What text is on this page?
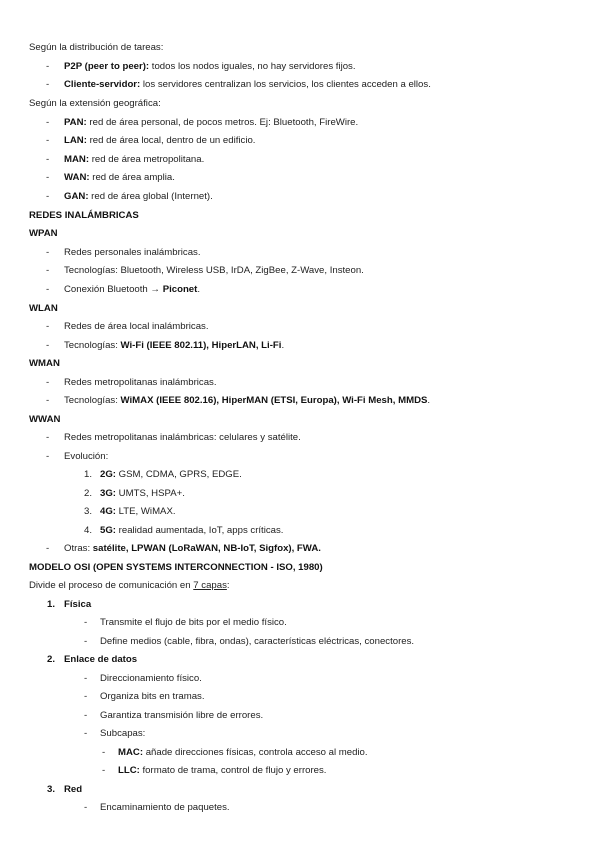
Según la distribución de tareas:
- P2P (peer to peer): todos los nodos iguales, no hay servidores fijos.
- Cliente-servidor: los servidores centralizan los servicios, los clientes acceden a ellos.
Según la extensión geográfica:
- PAN: red de área personal, de pocos metros. Ej: Bluetooth, FireWire.
- LAN: red de área local, dentro de un edificio.
- MAN: red de área metropolitana.
- WAN: red de área amplia.
- GAN: red de área global (Internet).
REDES INALÁMBRICAS
WPAN
- Redes personales inalámbricas.
- Tecnologías: Bluetooth, Wireless USB, IrDA, ZigBee, Z-Wave, Insteon.
- Conexión Bluetooth → Piconet.
WLAN
- Redes de área local inalámbricas.
- Tecnologías: Wi-Fi (IEEE 802.11), HiperLAN, Li-Fi.
WMAN
- Redes metropolitanas inalámbricas.
- Tecnologías: WiMAX (IEEE 802.16), HiperMAN (ETSI, Europa), Wi-Fi Mesh, MMDS.
WWAN
- Redes metropolitanas inalámbricas: celulares y satélite.
- Evolución:
1. 2G: GSM, CDMA, GPRS, EDGE.
2. 3G: UMTS, HSPA+.
3. 4G: LTE, WiMAX.
4. 5G: realidad aumentada, IoT, apps críticas.
- Otras: satélite, LPWAN (LoRaWAN, NB-IoT, Sigfox), FWA.
MODELO OSI (OPEN SYSTEMS INTERCONNECTION - ISO, 1980)
Divide el proceso de comunicación en 7 capas:
1. Física
- Transmite el flujo de bits por el medio físico.
- Define medios (cable, fibra, ondas), características eléctricas, conectores.
2. Enlace de datos
- Direccionamiento físico.
- Organiza bits en tramas.
- Garantiza transmisión libre de errores.
- Subcapas:
- MAC: añade direcciones físicas, controla acceso al medio.
- LLC: formato de trama, control de flujo y errores.
3. Red
- Encaminamiento de paquetes.
